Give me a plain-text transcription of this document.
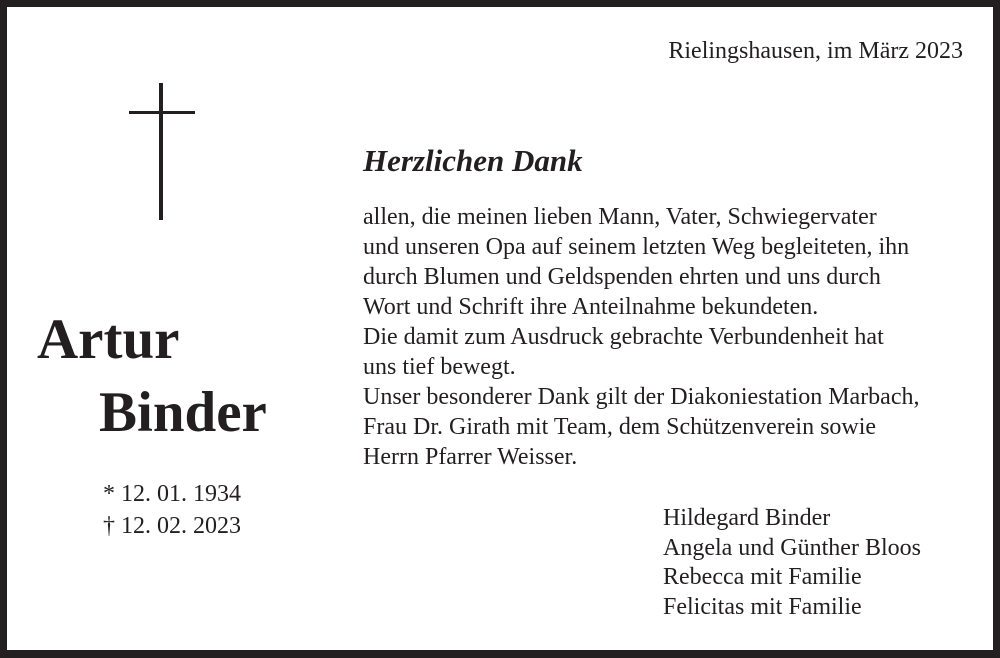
Rielingshausen, im März 2023
Herzlichen Dank
allen, die meinen lieben Mann, Vater, Schwiegervater
und unseren Opa auf seinem letzten Weg begleiteten, ihn
durch Blumen und Geldspenden ehrten und uns durch
Wort und Schrift ihre Anteilnahme bekundeten.
Die damit zum Ausdruck gebrachte Verbundenheit hat
uns tief bewegt.
Unser besonderer Dank gilt der Diakoniestation Marbach,
Frau Dr. Girath mit Team, dem Schützenverein sowie
Herrn Pfarrer Weisser.
Artur
Binder
* 12. 01. 1934
† 12. 02. 2023	Hildegard Binder
Angela und Günther Bloos
Rebecca mit Familie
Felicitas mit Familie
